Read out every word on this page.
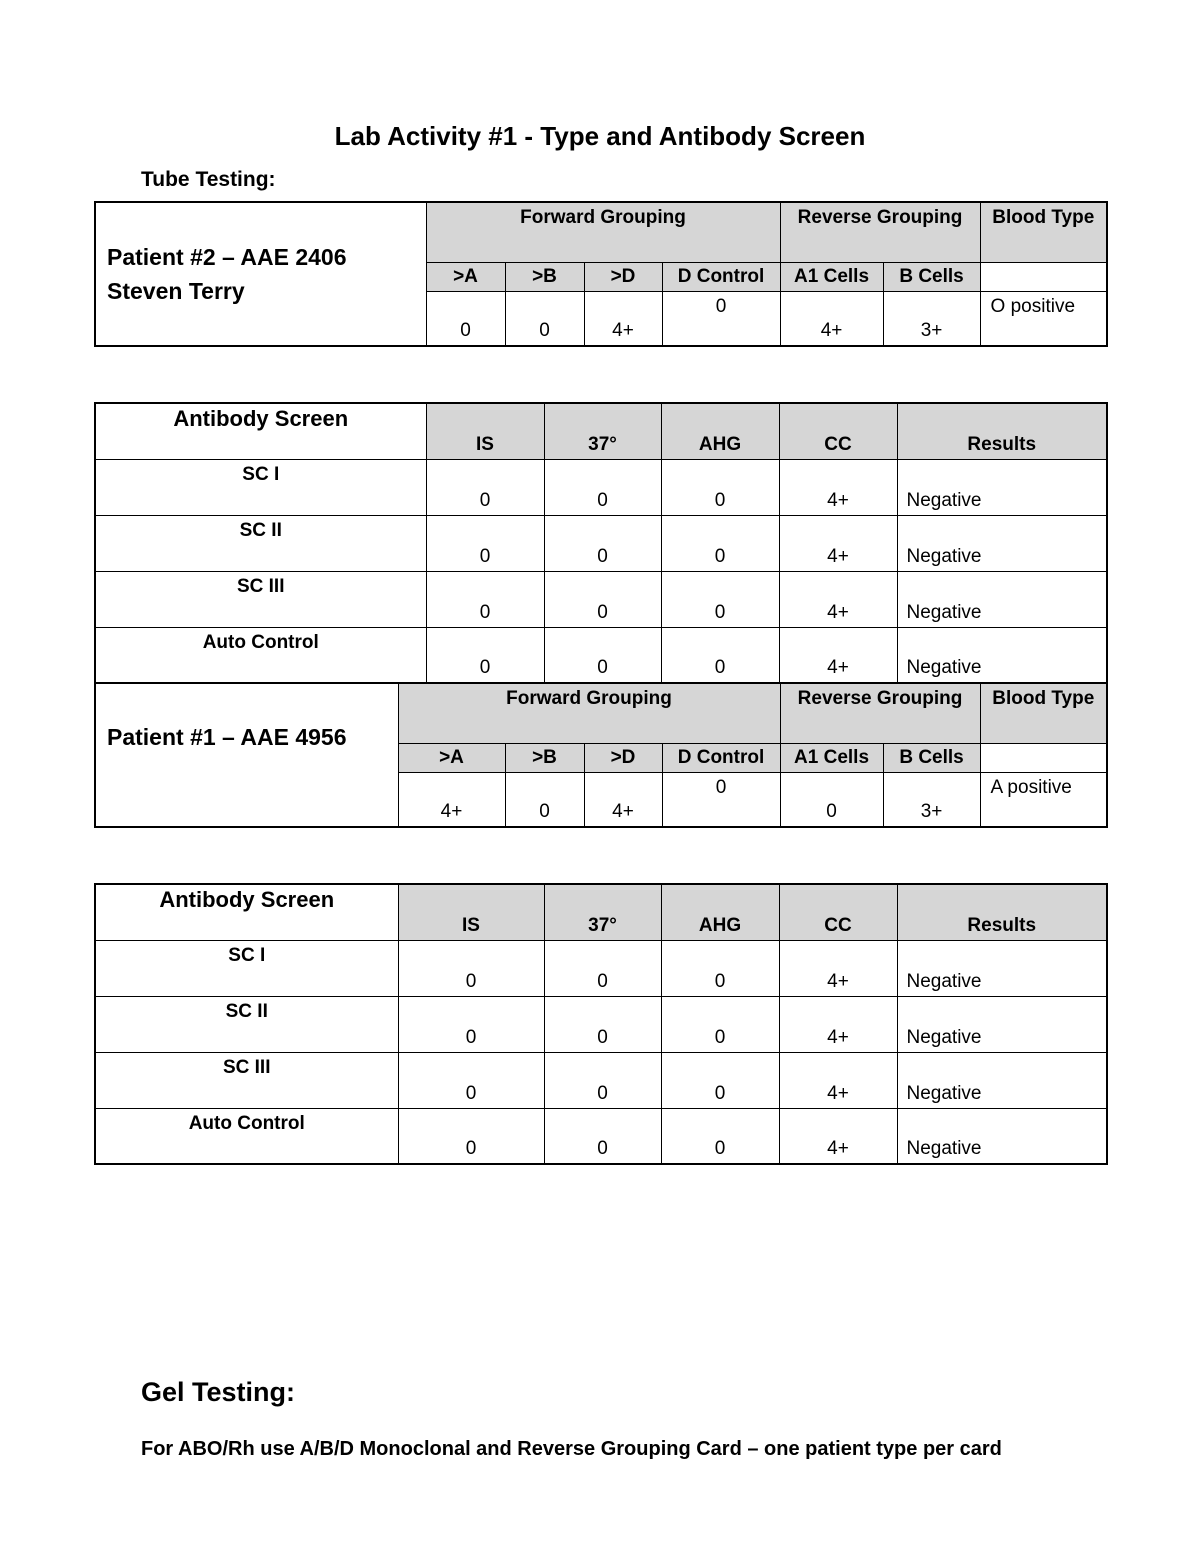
Lab Activity #1 - Type and Antibody Screen
Tube Testing:
Patient #2 – AAE 2406
Steven Terry	Forward Grouping				Reverse Grouping		Blood Type
	>A	>B	>D	D Control	A1 Cells	B Cells	
	0	0	4+	0	4+	3+	O positive
Antibody Screen	IS	37°	AHG	CC	Results
SC I	0	0	0	4+	Negative
SC II	0	0	0	4+	Negative
SC III	0	0	0	4+	Negative
Auto Control	0	0	0	4+	Negative
Patient #1 – AAE 4956	Forward Grouping				Reverse Grouping		Blood Type
	>A	>B	>D	D Control	A1 Cells	B Cells	
	4+	0	4+	0	0	3+	A positive
Antibody Screen	IS	37°	AHG	CC	Results
SC I	0	0	0	4+	Negative
SC II	0	0	0	4+	Negative
SC III	0	0	0	4+	Negative
Auto Control	0	0	0	4+	Negative
Gel Testing:
For ABO/Rh use A/B/D Monoclonal and Reverse Grouping Card – one patient type per card
